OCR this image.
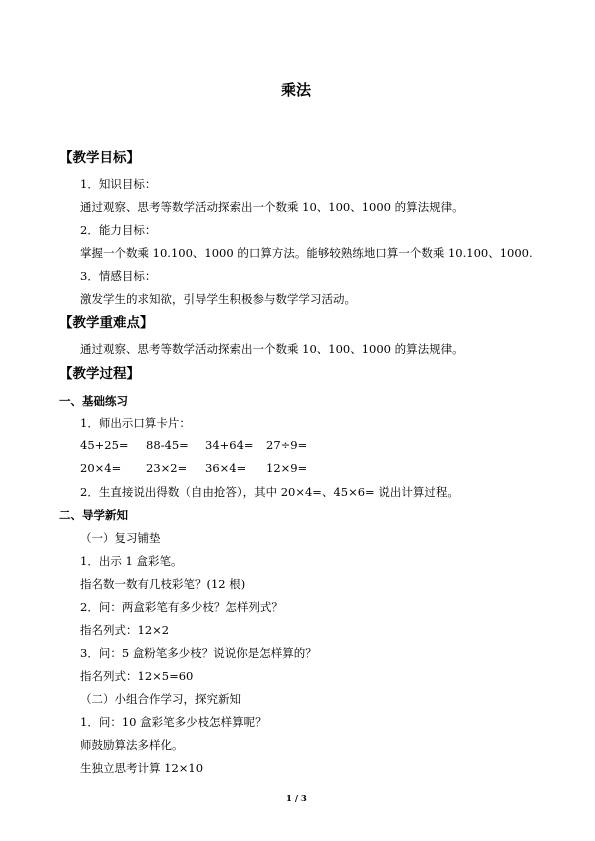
乘法
【教学目标】
1．知识目标：
通过观察、思考等数学活动探索出一个数乘 10、100、1000 的算法规律。
2．能力目标：
掌握一个数乘 10.100、1000 的口算方法。能够较熟练地口算一个数乘 10.100、1000.
3．情感目标：
激发学生的求知欲，引导学生积极参与数学学习活动。
【教学重难点】
通过观察、思考等数学活动探索出一个数乘 10、100、1000 的算法规律。
【教学过程】
一、基础练习
1．师出示口算卡片：
45+25= 88-45= 34+64= 27÷9=
20×4= 23×2= 36×4= 12×9=
2．生直接说出得数（自由抢答），其中 20×4=、45×6= 说出计算过程。
二、导学新知
（一）复习铺垫
1．出示 1 盒彩笔。
指名数一数有几枝彩笔？(12 根)
2．问：两盒彩笔有多少枝？怎样列式？
指名列式：12×2
3．问：5 盒粉笔多少枝？说说你是怎样算的？
指名列式：12×5=60
（二）小组合作学习，探究新知
1．问：10 盒彩笔多少枝怎样算呢？
师鼓励算法多样化。
生独立思考计算 12×10
1 / 3
